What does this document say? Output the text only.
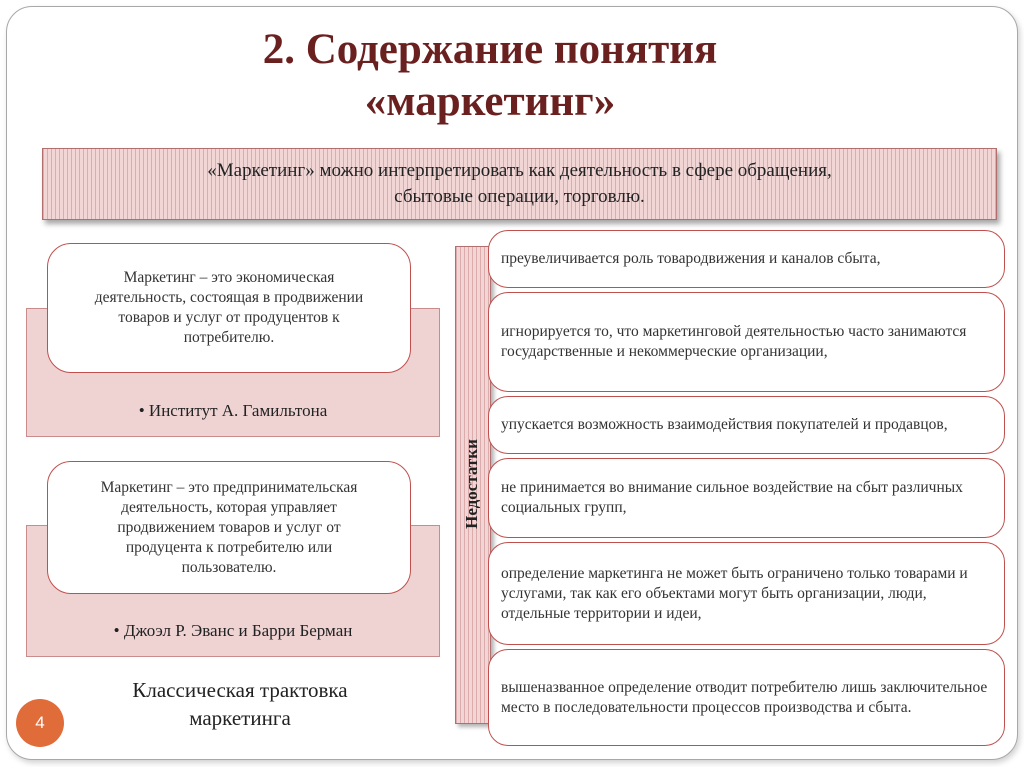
2. Содержание понятия
«маркетинг»
«Маркетинг» можно интерпретировать как деятельность в сфере обращения,
сбытовые операции, торговлю.
• Институт А. Гамильтона
Маркетинг – это экономическая деятельность, состоящая в продвижении товаров и услуг от продуцентов к потребителю.
• Джоэл Р. Эванс и Барри Берман
Маркетинг – это предпринимательская деятельность, которая управляет продвижением товаров и услуг от продуцента к потребителю или пользователю.
Классическая трактовка маркетинга
4
Недостатки
преувеличивается роль товародвижения и каналов сбыта,
игнорируется то, что маркетинговой деятельностью часто занимаются государственные и некоммерческие организации,
упускается возможность взаимодействия покупателей и продавцов,
не принимается во внимание сильное воздействие на сбыт различных социальных групп,
определение маркетинга не может быть ограничено только товарами и услугами, так как его объектами могут быть организации, люди, отдельные территории и идеи,
вышеназванное определение отводит потребителю лишь заключительное место в последовательности процессов производства и сбыта.
